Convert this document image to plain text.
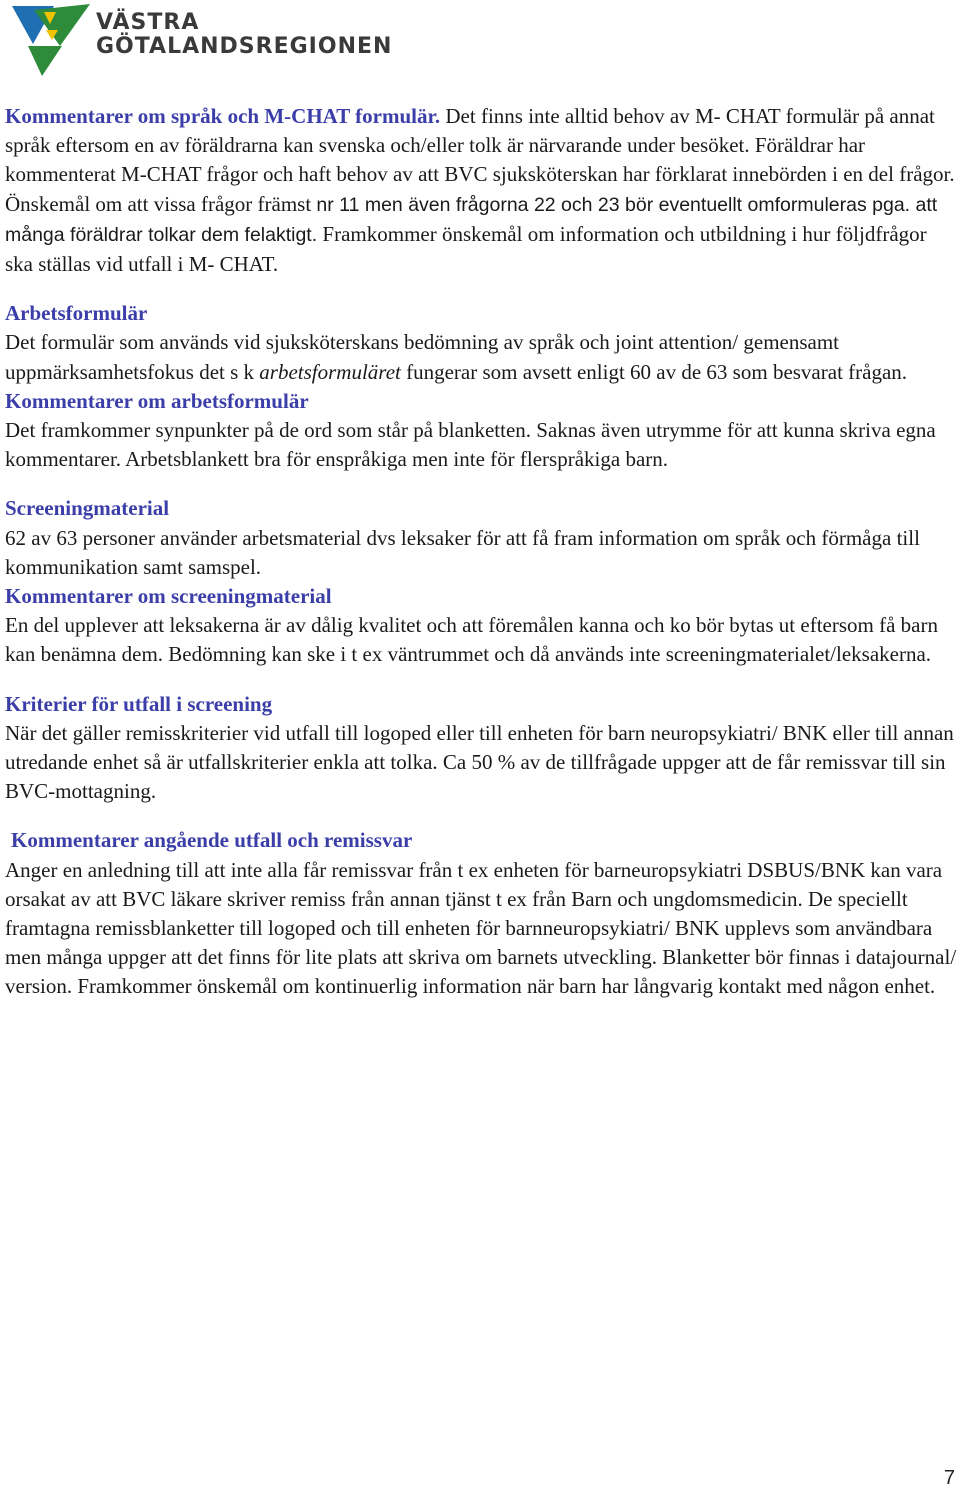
VÄSTRA
GÖTALANDSREGIONEN

Kommentarer om språk och M-CHAT formulär. Det finns inte alltid behov av M- CHAT formulär på annat språk eftersom en av föräldrarna kan svenska och/eller tolk är närvarande under besöket. Föräldrar har kommenterat M-CHAT frågor och haft behov av att BVC sjuksköterskan har förklarat innebörden i en del frågor. Önskemål om att vissa frågor främst nr 11 men även frågorna 22 och 23 bör eventuellt omformuleras pga. att många föräldrar tolkar dem felaktigt. Framkommer önskemål om information och utbildning i hur följdfrågor ska ställas vid utfall i M- CHAT.

Arbetsformulär

Det formulär som används vid sjuksköterskans bedömning av språk och joint attention/ gemensamt uppmärksamhetsfokus det s k arbetsformuläret fungerar som avsett enligt 60 av de 63 som besvarat frågan.

Kommentarer om arbetsformulär

Det framkommer synpunkter på de ord som står på blanketten. Saknas även utrymme för att kunna skriva egna kommentarer. Arbetsblankett bra för enspråkiga men inte för flerspråkiga barn.

Screeningmaterial

62 av 63 personer använder arbetsmaterial dvs leksaker för att få fram information om språk och förmåga till kommunikation samt samspel.

Kommentarer om screeningmaterial

En del upplever att leksakerna är av dålig kvalitet och att föremålen kanna och ko bör bytas ut eftersom få barn kan benämna dem. Bedömning kan ske i t ex väntrummet och då används inte screeningmaterialet/leksakerna.

Kriterier för utfall i screening

När det gäller remisskriterier vid utfall till logoped eller till enheten för barn neuropsykiatri/ BNK eller till annan utredande enhet så är utfallskriterier enkla att tolka. Ca 50 % av de tillfrågade uppger att de får remissvar till sin BVC-mottagning.

Kommentarer angående utfall och remissvar

Anger en anledning till att inte alla får remissvar från t ex enheten för barneuropsykiatri DSBUS/BNK kan vara orsakat av att BVC läkare skriver remiss från annan tjänst t ex från Barn och ungdomsmedicin. De speciellt framtagna remissblanketter till logoped och till enheten för barnneuropsykiatri/ BNK upplevs som användbara men många uppger att det finns för lite plats att skriva om barnets utveckling. Blanketter bör finnas i datajournal/ version. Framkommer önskemål om kontinuerlig information när barn har långvarig kontakt med någon enhet.

7
